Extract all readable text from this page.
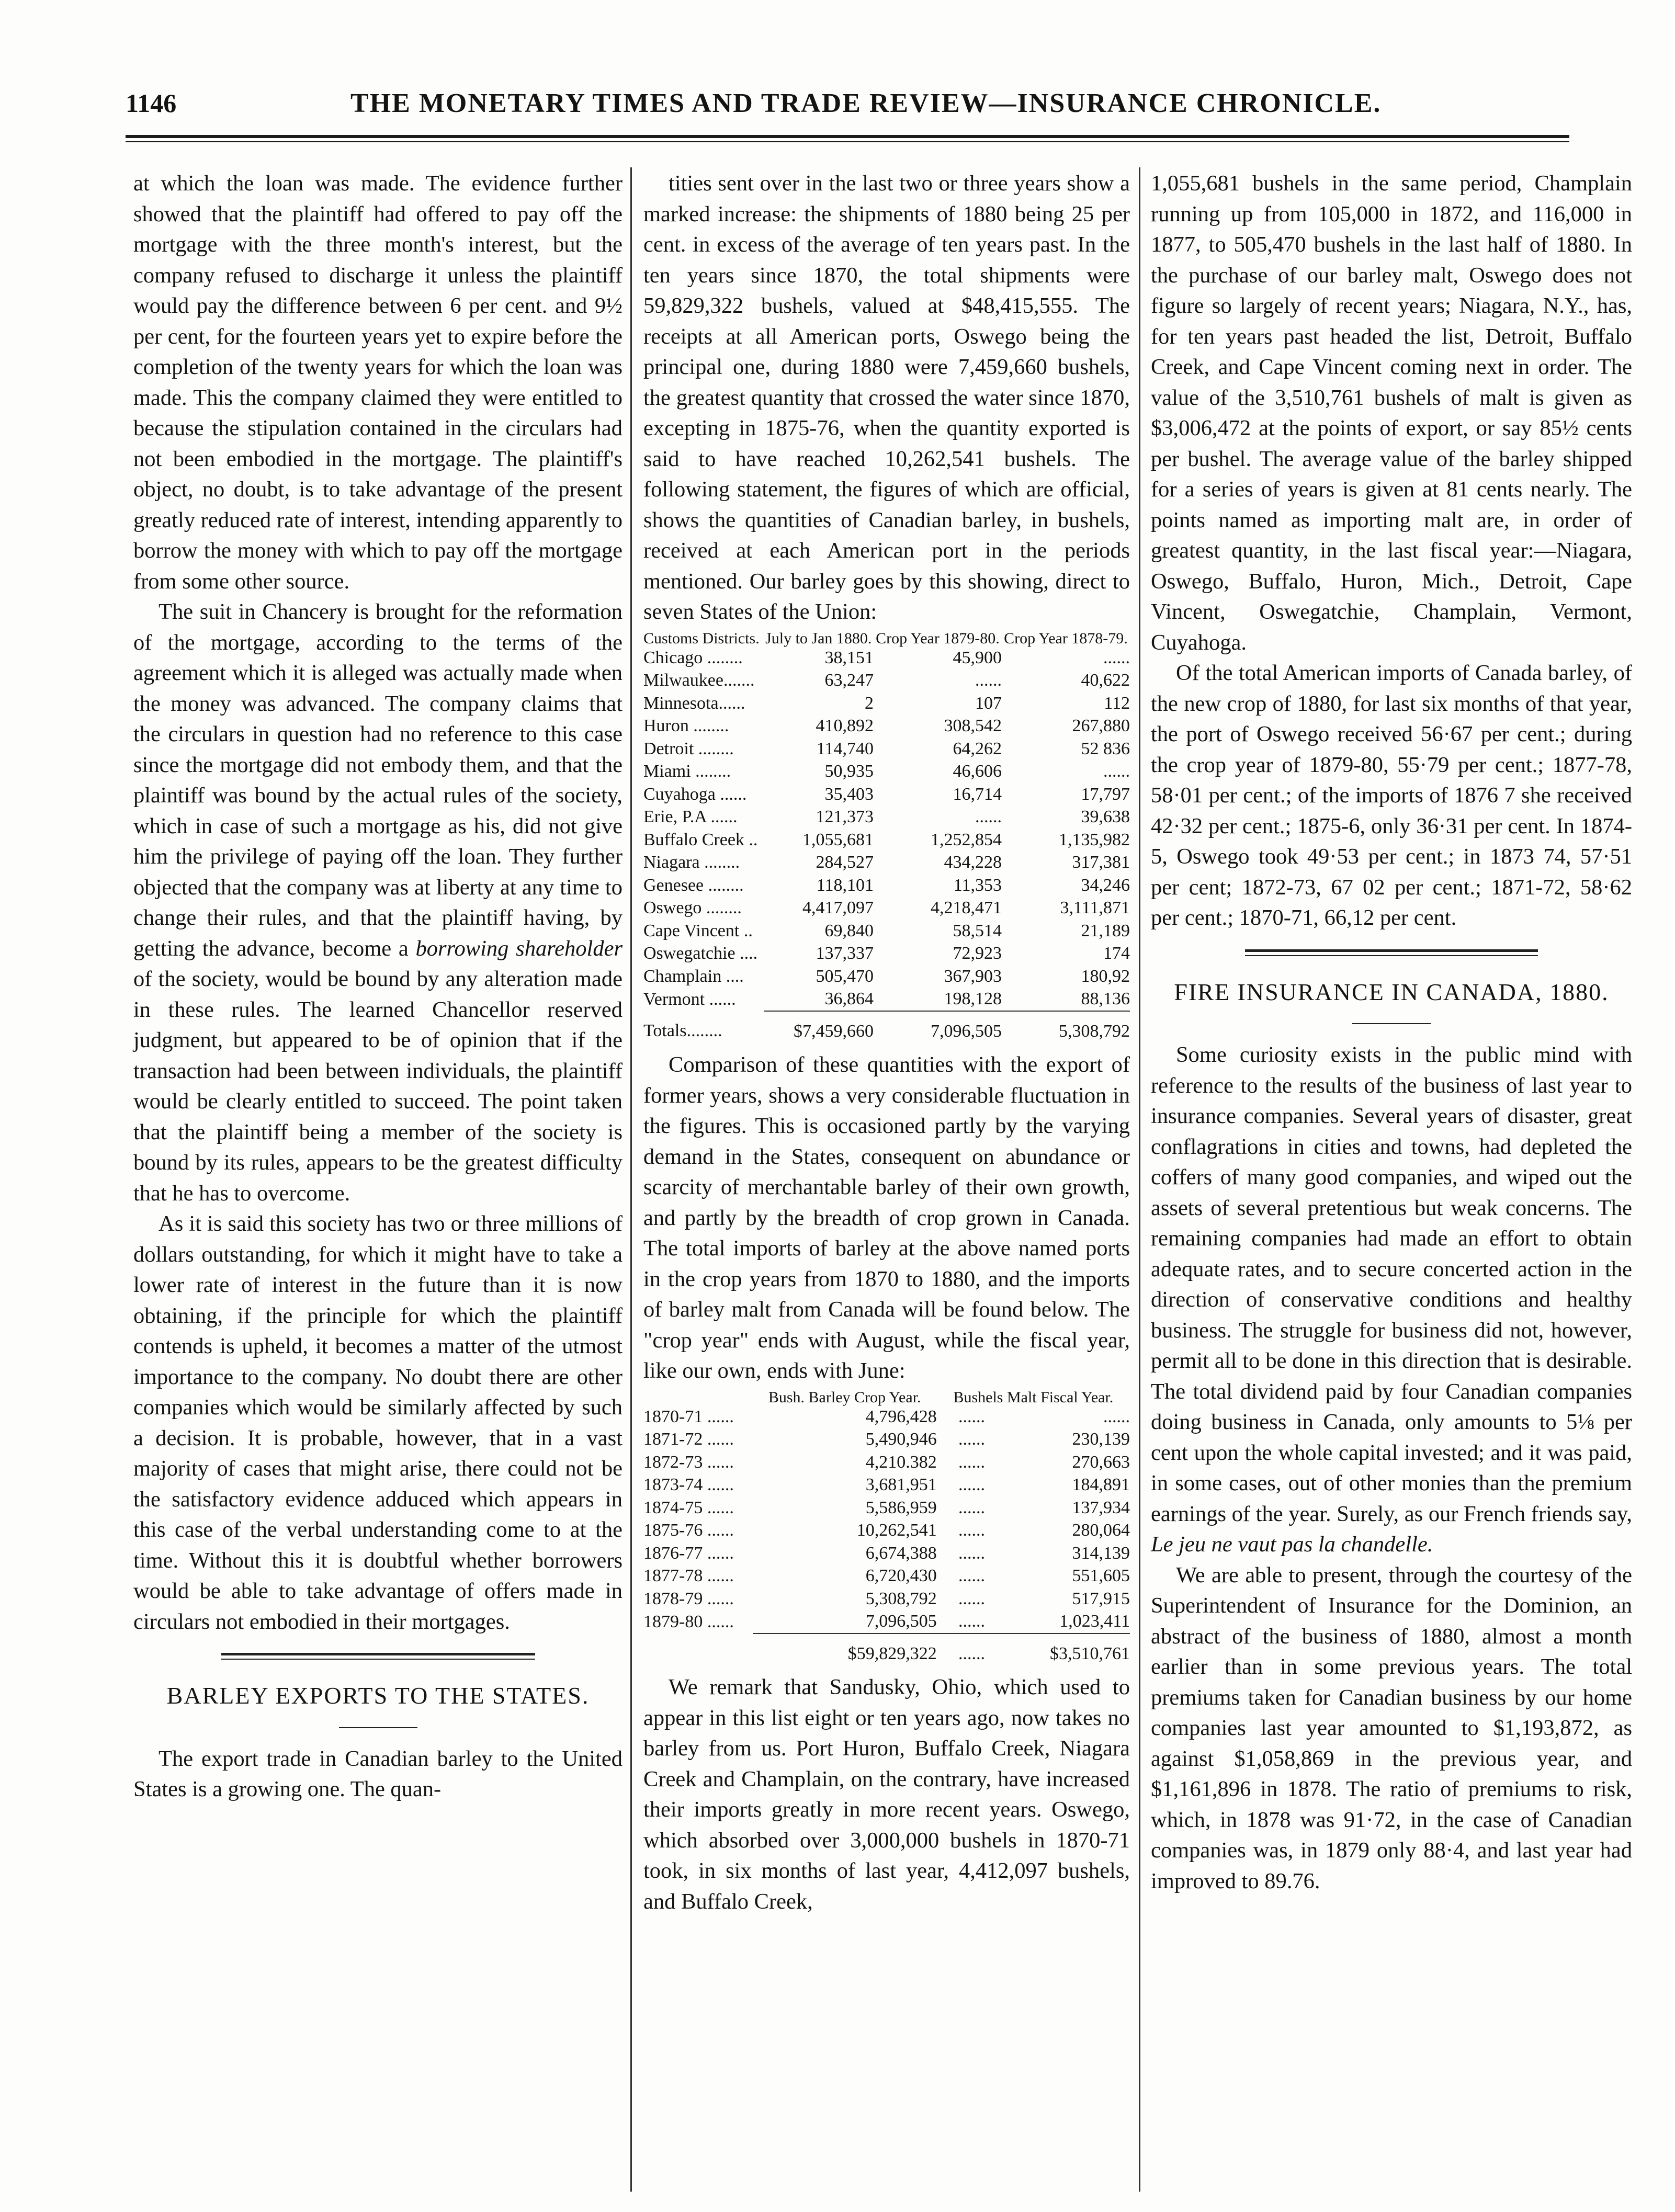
1146	THE MONETARY TIMES AND TRADE REVIEW—INSURANCE CHRONICLE.

at which the loan was made. The evidence further showed that the plaintiff had offered to pay off the mortgage with the three month's interest, but the company refused to discharge it unless the plaintiff would pay the difference between 6 per cent. and 9½ per cent, for the fourteen years yet to expire before the completion of the twenty years for which the loan was made. This the company claimed they were entitled to because the stipulation contained in the circulars had not been embodied in the mortgage. The plaintiff's object, no doubt, is to take advantage of the present greatly reduced rate of interest, intending apparently to borrow the money with which to pay off the mortgage from some other source.

The suit in Chancery is brought for the reformation of the mortgage, according to the terms of the agreement which it is alleged was actually made when the money was advanced. The company claims that the circulars in question had no reference to this case since the mortgage did not embody them, and that the plaintiff was bound by the actual rules of the society, which in case of such a mortgage as his, did not give him the privilege of paying off the loan. They further objected that the company was at liberty at any time to change their rules, and that the plaintiff having, by getting the advance, become a borrowing shareholder of the society, would be bound by any alteration made in these rules. The learned Chancellor reserved judgment, but appeared to be of opinion that if the transaction had been between individuals, the plaintiff would be clearly entitled to succeed. The point taken that the plaintiff being a member of the society is bound by its rules, appears to be the greatest difficulty that he has to overcome.

As it is said this society has two or three millions of dollars outstanding, for which it might have to take a lower rate of interest in the future than it is now obtaining, if the principle for which the plaintiff contends is upheld, it becomes a matter of the utmost importance to the company. No doubt there are other companies which would be similarly affected by such a decision. It is probable, however, that in a vast majority of cases that might arise, there could not be the satisfactory evidence adduced which appears in this case of the verbal understanding come to at the time. Without this it is doubtful whether borrowers would be able to take advantage of offers made in circulars not embodied in their mortgages.

BARLEY EXPORTS TO THE STATES.

The export trade in Canadian barley to the United States is a growing one. The quan-

tities sent over in the last two or three years show a marked increase: the shipments of 1880 being 25 per cent. in excess of the average of ten years past. In the ten years since 1870, the total shipments were 59,829,322 bushels, valued at $48,415,555. The receipts at all American ports, Oswego being the principal one, during 1880 were 7,459,660 bushels, the greatest quantity that crossed the water since 1870, excepting in 1875-76, when the quantity exported is said to have reached 10,262,541 bushels. The following statement, the figures of which are official, shows the quantities of Canadian barley, in bushels, received at each American port in the periods mentioned. Our barley goes by this showing, direct to seven States of the Union:

Customs Districts.	July to Jan 1880.	Crop Year 1879-80.	Crop Year 1878-79.
Chicago ........	38,151	45,900	......
Milwaukee.......	63,247	......	40,622
Minnesota......	2	107	112
Huron ........	410,892	308,542	267,880
Detroit ........	114,740	64,262	52 836
Miami ........	50,935	46,606	......
Cuyahoga ......	35,403	16,714	17,797
Erie, P.A ......	121,373	......	39,638
Buffalo Creek ..	1,055,681	1,252,854	1,135,982
Niagara ........	284,527	434,228	317,381
Genesee ........	118,101	11,353	34,246
Oswego ........	4,417,097	4,218,471	3,111,871
Cape Vincent ..	69,840	58,514	21,189
Oswegatchie ....	137,337	72,923	174
Champlain ....	505,470	367,903	180,92
Vermont ......	36,864	198,128	88,136
Totals........	$7,459,660	7,096,505	5,308,792

Comparison of these quantities with the export of former years, shows a very considerable fluctuation in the figures. This is occasioned partly by the varying demand in the States, consequent on abundance or scarcity of merchantable barley of their own growth, and partly by the breadth of crop grown in Canada. The total imports of barley at the above named ports in the crop years from 1870 to 1880, and the imports of barley malt from Canada will be found below. The "crop year" ends with August, while the fiscal year, like our own, ends with June:

	Bush. Barley Crop Year.	Bushels Malt Fiscal Year.	
1870-71 ......	4,796,428	......	......
1871-72 ......	5,490,946	......	230,139
1872-73 ......	4,210.382	......	270,663
1873-74 ......	3,681,951	......	184,891
1874-75 ......	5,586,959	......	137,934
1875-76 ......	10,262,541	......	280,064
1876-77 ......	6,674,388	......	314,139
1877-78 ......	6,720,430	......	551,605
1878-79 ......	5,308,792	......	517,915
1879-80 ......	7,096,505	......	1,023,411
	$59,829,322	......	$3,510,761

We remark that Sandusky, Ohio, which used to appear in this list eight or ten years ago, now takes no barley from us. Port Huron, Buffalo Creek, Niagara Creek and Champlain, on the contrary, have increased their imports greatly in more recent years. Oswego, which absorbed over 3,000,000 bushels in 1870-71 took, in six months of last year, 4,412,097 bushels, and Buffalo Creek,

1,055,681 bushels in the same period, Champlain running up from 105,000 in 1872, and 116,000 in 1877, to 505,470 bushels in the last half of 1880. In the purchase of our barley malt, Oswego does not figure so largely of recent years; Niagara, N.Y., has, for ten years past headed the list, Detroit, Buffalo Creek, and Cape Vincent coming next in order. The value of the 3,510,761 bushels of malt is given as $3,006,472 at the points of export, or say 85½ cents per bushel. The average value of the barley shipped for a series of years is given at 81 cents nearly. The points named as importing malt are, in order of greatest quantity, in the last fiscal year:—Niagara, Oswego, Buffalo, Huron, Mich., Detroit, Cape Vincent, Oswegatchie, Champlain, Vermont, Cuyahoga.

Of the total American imports of Canada barley, of the new crop of 1880, for last six months of that year, the port of Oswego received 56·67 per cent.; during the crop year of 1879-80, 55·79 per cent.; 1877-78, 58·01 per cent.; of the imports of 1876 7 she received 42·32 per cent.; 1875-6, only 36·31 per cent. In 1874-5, Oswego took 49·53 per cent.; in 1873 74, 57·51 per cent; 1872-73, 67 02 per cent.; 1871-72, 58·62 per cent.; 1870-71, 66,12 per cent.

FIRE INSURANCE IN CANADA, 1880.

Some curiosity exists in the public mind with reference to the results of the business of last year to insurance companies. Several years of disaster, great conflagrations in cities and towns, had depleted the coffers of many good companies, and wiped out the assets of several pretentious but weak concerns. The remaining companies had made an effort to obtain adequate rates, and to secure concerted action in the direction of conservative conditions and healthy business. The struggle for business did not, however, permit all to be done in this direction that is desirable. The total dividend paid by four Canadian companies doing business in Canada, only amounts to 5⅛ per cent upon the whole capital invested; and it was paid, in some cases, out of other monies than the premium earnings of the year. Surely, as our French friends say, Le jeu ne vaut pas la chandelle.

We are able to present, through the courtesy of the Superintendent of Insurance for the Dominion, an abstract of the business of 1880, almost a month earlier than in some previous years. The total premiums taken for Canadian business by our home companies last year amounted to $1,193,872, as against $1,058,869 in the previous year, and $1,161,896 in 1878. The ratio of premiums to risk, which, in 1878 was 91·72, in the case of Canadian companies was, in 1879 only 88·4, and last year had improved to 89.76.
